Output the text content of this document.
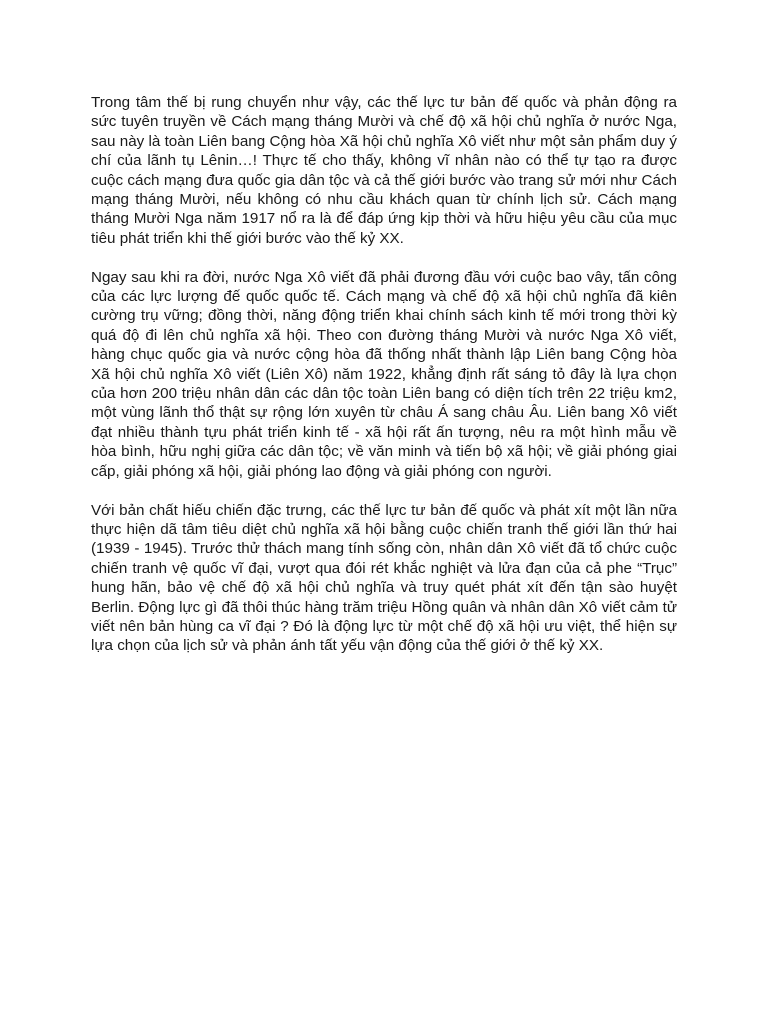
Trong tâm thế bị rung chuyển như vậy, các thế lực tư bản đế quốc và phản động ra sức tuyên truyền về Cách mạng tháng Mười và chế độ xã hội chủ nghĩa ở nước Nga, sau này là toàn Liên bang Cộng hòa Xã hội chủ nghĩa Xô viết như một sản phẩm duy ý chí của lãnh tụ Lênin…! Thực tế cho thấy, không vĩ nhân nào có thể tự tạo ra được cuộc cách mạng đưa quốc gia dân tộc và cả thế giới bước vào trang sử mới như Cách mạng tháng Mười, nếu không có nhu cầu khách quan từ chính lịch sử. Cách mạng tháng Mười Nga năm 1917 nổ ra là để đáp ứng kịp thời và hữu hiệu yêu cầu của mục tiêu phát triển khi thế giới bước vào thế kỷ XX.

Ngay sau khi ra đời, nước Nga Xô viết đã phải đương đầu với cuộc bao vây, tấn công của các lực lượng đế quốc quốc tế. Cách mạng và chế độ xã hội chủ nghĩa đã kiên cường trụ vững; đồng thời, năng động triển khai chính sách kinh tế mới trong thời kỳ quá độ đi lên chủ nghĩa xã hội. Theo con đường tháng Mười và nước Nga Xô viết, hàng chục quốc gia và nước cộng hòa đã thống nhất thành lập Liên bang Cộng hòa Xã hội chủ nghĩa Xô viết (Liên Xô) năm 1922, khẳng định rất sáng tỏ đây là lựa chọn của hơn 200 triệu nhân dân các dân tộc toàn Liên bang có diện tích trên 22 triệu km2, một vùng lãnh thổ thật sự rộng lớn xuyên từ châu Á sang châu Âu. Liên bang Xô viết đạt nhiều thành tựu phát triển kinh tế - xã hội rất ấn tượng, nêu ra một hình mẫu về hòa bình, hữu nghị giữa các dân tộc; về văn minh và tiến bộ xã hội; về giải phóng giai cấp, giải phóng xã hội, giải phóng lao động và giải phóng con người.

Với bản chất hiếu chiến đặc trưng, các thế lực tư bản đế quốc và phát xít một lần nữa thực hiện dã tâm tiêu diệt chủ nghĩa xã hội bằng cuộc chiến tranh thế giới lần thứ hai (1939 - 1945). Trước thử thách mang tính sống còn, nhân dân Xô viết đã tổ chức cuộc chiến tranh vệ quốc vĩ đại, vượt qua đói rét khắc nghiệt và lửa đạn của cả phe “Trục” hung hãn, bảo vệ chế độ xã hội chủ nghĩa và truy quét phát xít đến tận sào huyệt Berlin. Động lực gì đã thôi thúc hàng trăm triệu Hồng quân và nhân dân Xô viết cảm tử viết nên bản hùng ca vĩ đại ? Đó là động lực từ một chế độ xã hội ưu việt, thể hiện sự lựa chọn của lịch sử và phản ánh tất yếu vận động của thế giới ở thế kỷ XX.
